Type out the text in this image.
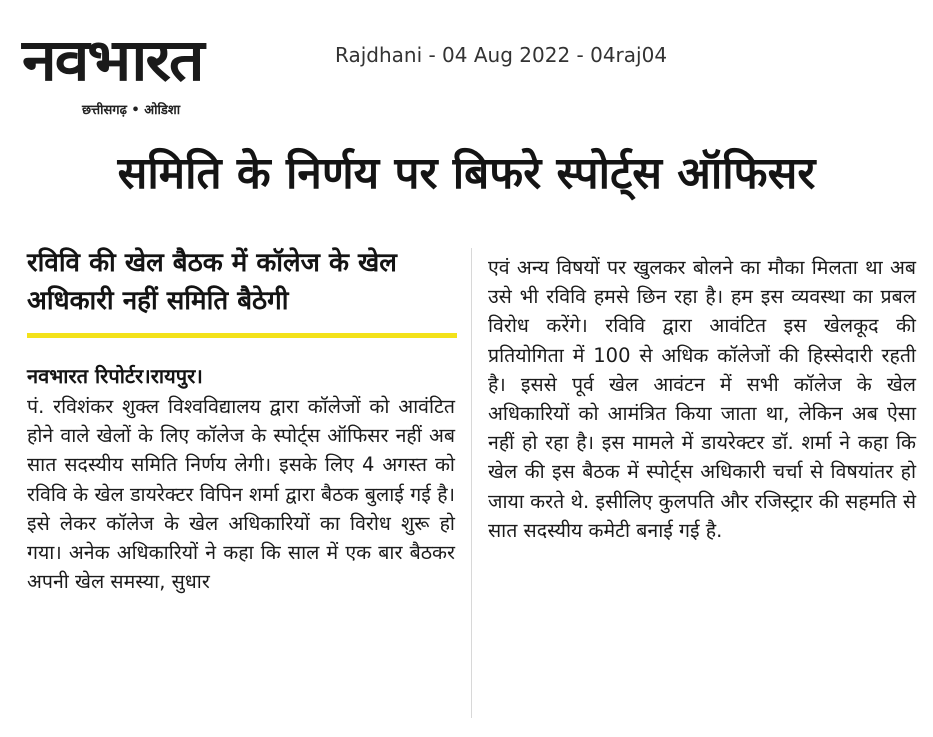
नवभारत
छत्तीसगढ़ • ओडिशा
Rajdhani - 04 Aug 2022 - 04raj04
समिति के निर्णय पर बिफरे स्पोर्ट्स ऑफिसर
रविवि की खेल बैठक में कॉलेज के खेल अधिकारी नहीं समिति बैठेगी
नवभारत रिपोर्टर।रायपुर।
पं. रविशंकर शुक्ल विश्वविद्यालय द्वारा कॉलेजों को आवंटित होने वाले खेलों के लिए कॉलेज के स्पोर्ट्स ऑफिसर नहीं अब सात सदस्यीय समिति निर्णय लेगी। इसके लिए 4 अगस्त को रविवि के खेल डायरेक्टर विपिन शर्मा द्वारा बैठक बुलाई गई है। इसे लेकर कॉलेज के खेल अधिकारियों का विरोध शुरू हो गया। अनेक अधिकारियों ने कहा कि साल में एक बार बैठकर अपनी खेल समस्या, सुधार
एवं अन्य विषयों पर खुलकर बोलने का मौका मिलता था अब उसे भी रविवि हमसे छिन रहा है। हम इस व्यवस्था का प्रबल विरोध करेंगे। रविवि द्वारा आवंटित इस खेलकूद की प्रतियोगिता में 100 से अधिक कॉलेजों की हिस्सेदारी रहती है। इससे पूर्व खेल आवंटन में सभी कॉलेज के खेल अधिकारियों को आमंत्रित किया जाता था, लेकिन अब ऐसा नहीं हो रहा है। इस मामले में डायरेक्टर डॉ. शर्मा ने कहा कि खेल की इस बैठक में स्पोर्ट्स अधिकारी चर्चा से विषयांतर हो जाया करते थे. इसीलिए कुलपति और रजिस्ट्रार की सहमति से सात सदस्यीय कमेटी बनाई गई है.
